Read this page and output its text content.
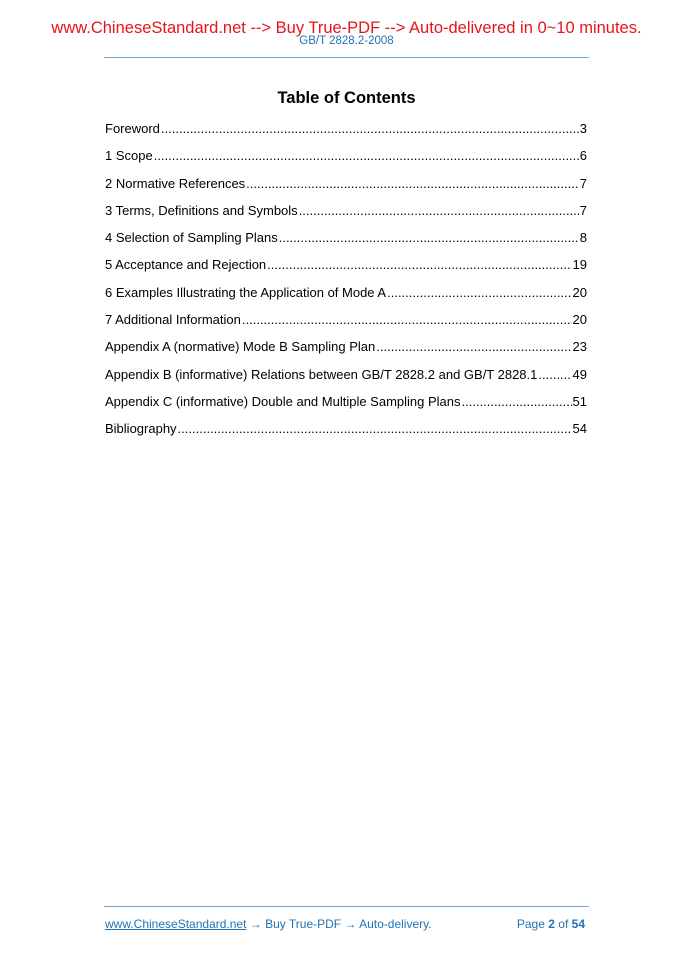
www.ChineseStandard.net --> Buy True-PDF --> Auto-delivered in 0~10 minutes.
GB/T 2828.2-2008
Table of Contents
Foreword .....	3
1 Scope .....	6
2 Normative References .....	7
3 Terms, Definitions and Symbols .....	7
4 Selection of Sampling Plans .....	8
5 Acceptance and Rejection .....	19
6 Examples Illustrating the Application of Mode A .....	20
7 Additional Information .....	20
Appendix A (normative) Mode B Sampling Plan .....	23
Appendix B (informative) Relations between GB/T 2828.2 and GB/T 2828.1 .....	49
Appendix C (informative) Double and Multiple Sampling Plans .....	51
Bibliography .....	54
www.ChineseStandard.net → Buy True-PDF → Auto-delivery.	Page 2 of 54
